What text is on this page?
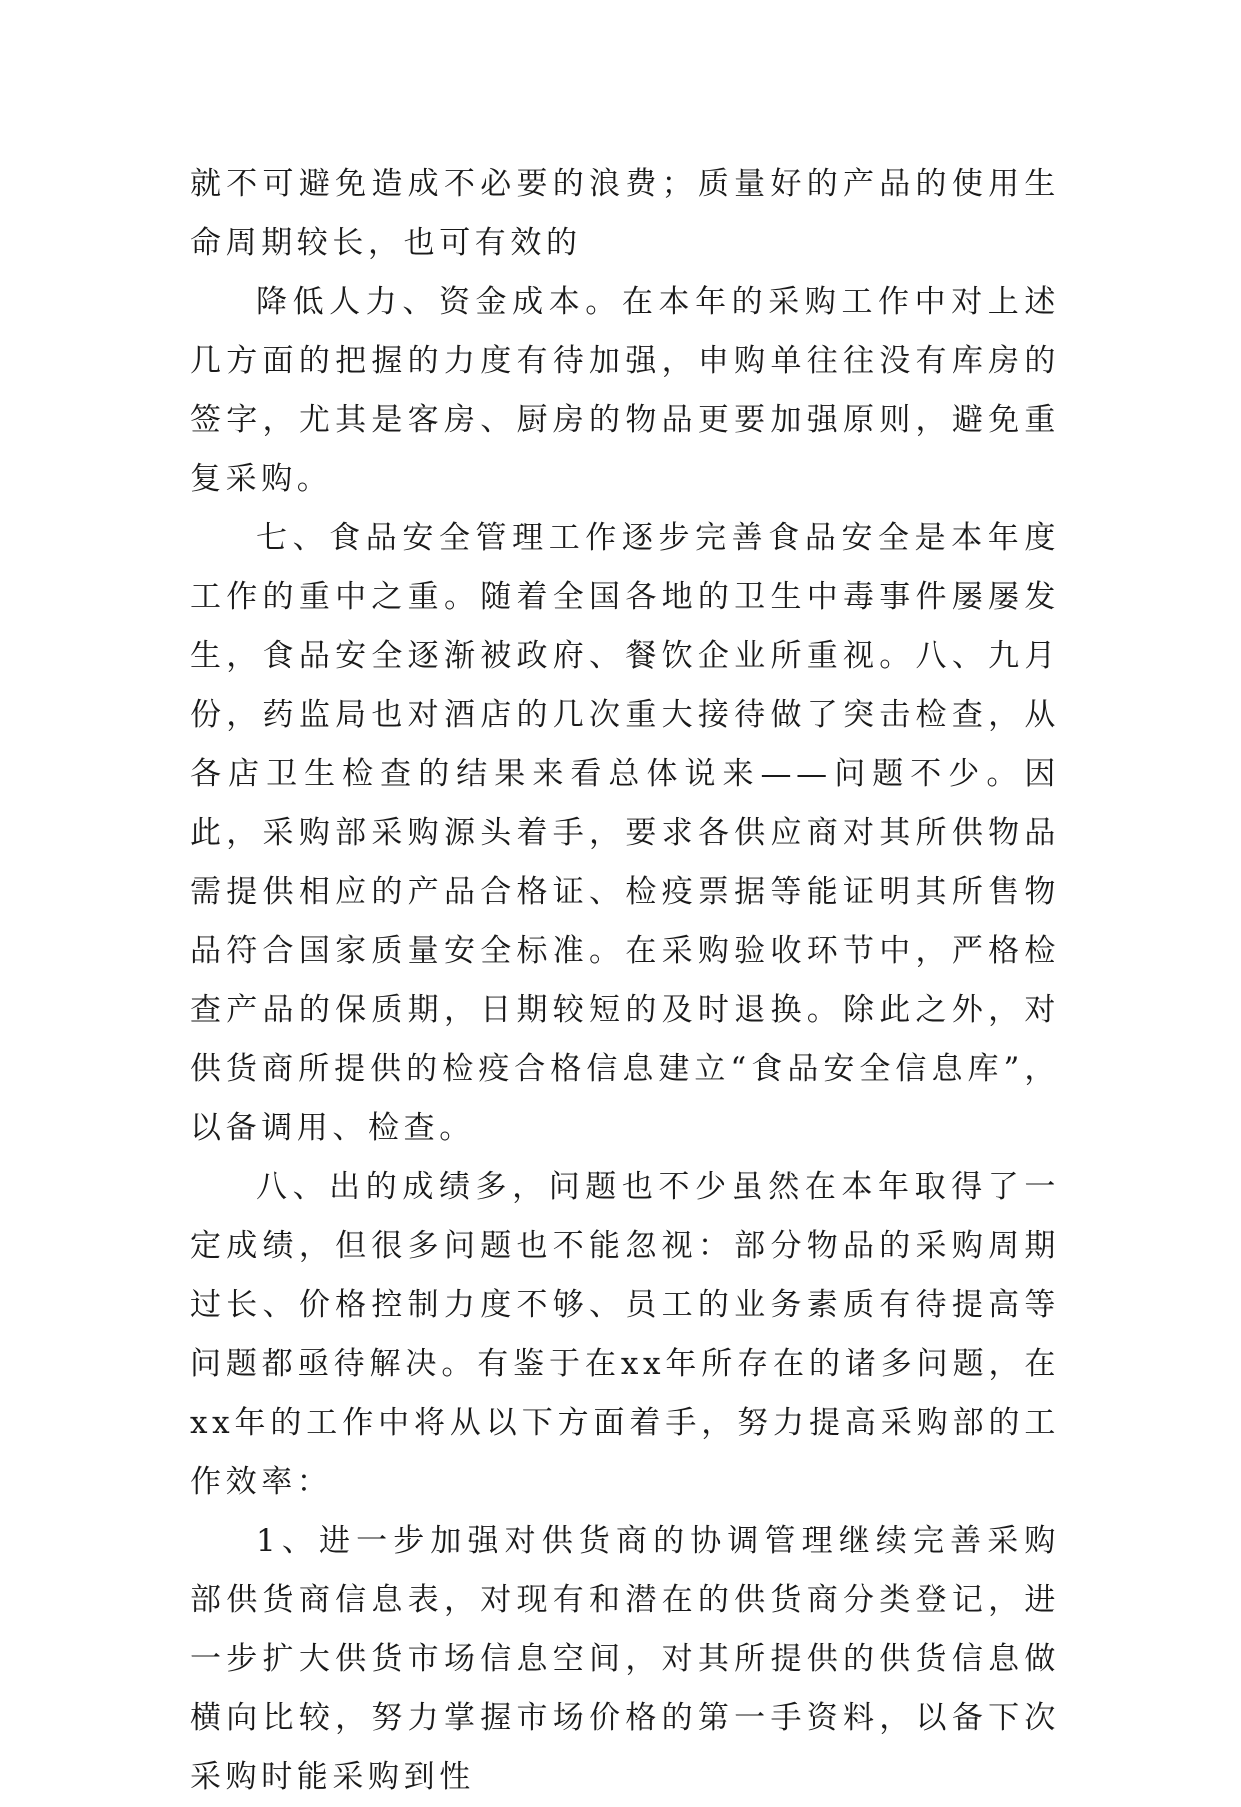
就不可避免造成不必要的浪费；质量好的产品的使用生命周期较长，也可有效的

降低人力、资金成本。在本年的采购工作中对上述几方面的把握的力度有待加强，申购单往往没有库房的签字，尤其是客房、厨房的物品更要加强原则，避免重复采购。

七、食品安全管理工作逐步完善食品安全是本年度工作的重中之重。随着全国各地的卫生中毒事件屡屡发生，食品安全逐渐被政府、餐饮企业所重视。八、九月份，药监局也对酒店的几次重大接待做了突击检查，从各店卫生检查的结果来看总体说来——问题不少。因此，采购部采购源头着手，要求各供应商对其所供物品需提供相应的产品合格证、检疫票据等能证明其所售物品符合国家质量安全标准。在采购验收环节中，严格检查产品的保质期，日期较短的及时退换。除此之外，对供货商所提供的检疫合格信息建立“食品安全信息库”，以备调用、检查。

八、出的成绩多，问题也不少虽然在本年取得了一定成绩，但很多问题也不能忽视：部分物品的采购周期过长、价格控制力度不够、员工的业务素质有待提高等问题都亟待解决。有鉴于在xx年所存在的诸多问题，在xx年的工作中将从以下方面着手，努力提高采购部的工作效率：

1、进一步加强对供货商的协调管理继续完善采购部供货商信息表，对现有和潜在的供货商分类登记，进一步扩大供货市场信息空间，对其所提供的供货信息做横向比较，努力掌握市场价格的第一手资料，以备下次采购时能采购到性
